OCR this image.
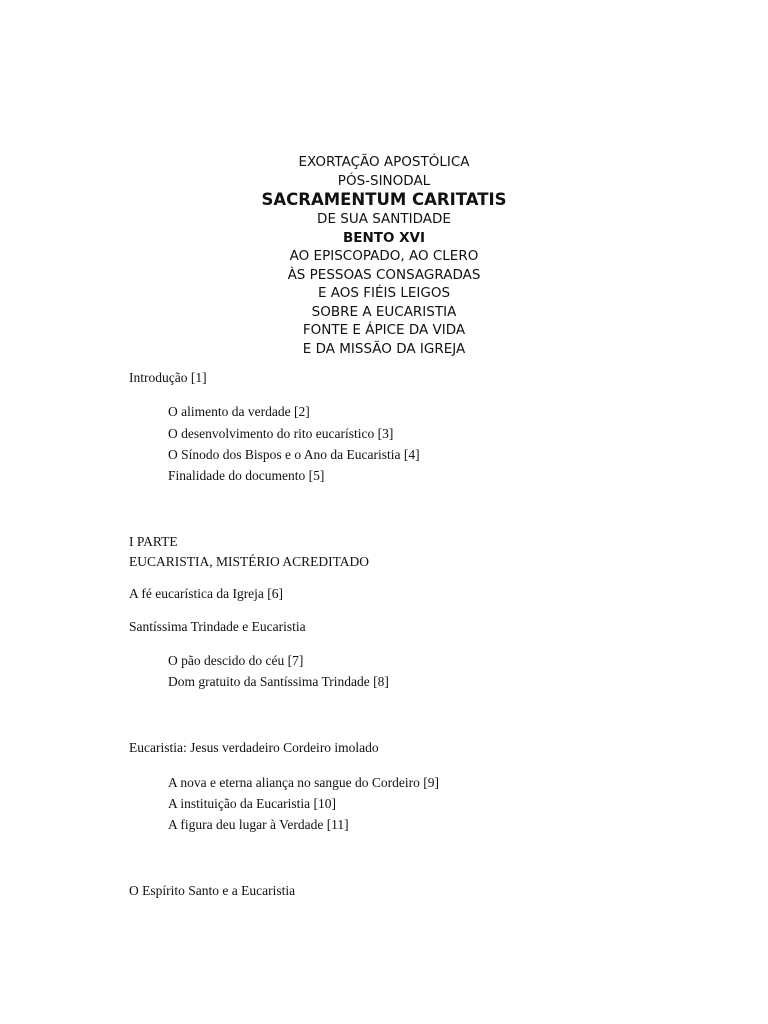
EXORTAÇÃO APOSTÓLICA
PÓS-SINODAL
SACRAMENTUM CARITATIS
DE SUA SANTIDADE
BENTO XVI
AO EPISCOPADO, AO CLERO
ÀS PESSOAS CONSAGRADAS
E AOS FIÉIS LEIGOS
SOBRE A EUCARISTIA
FONTE E ÁPICE DA VIDA
E DA MISSÃO DA IGREJA
Introdução [1]
O alimento da verdade [2]
O desenvolvimento do rito eucarístico [3]
O Sínodo dos Bispos e o Ano da Eucaristia [4]
Finalidade do documento [5]
I PARTE
EUCARISTIA, MISTÉRIO ACREDITADO
A fé eucarística da Igreja [6]
Santíssima Trindade e Eucaristia
O pão descido do céu [7]
Dom gratuito da Santíssima Trindade [8]
Eucaristia: Jesus verdadeiro Cordeiro imolado
A nova e eterna aliança no sangue do Cordeiro [9]
A instituição da Eucaristia [10]
A figura deu lugar à Verdade [11]
O Espírito Santo e a Eucaristia
